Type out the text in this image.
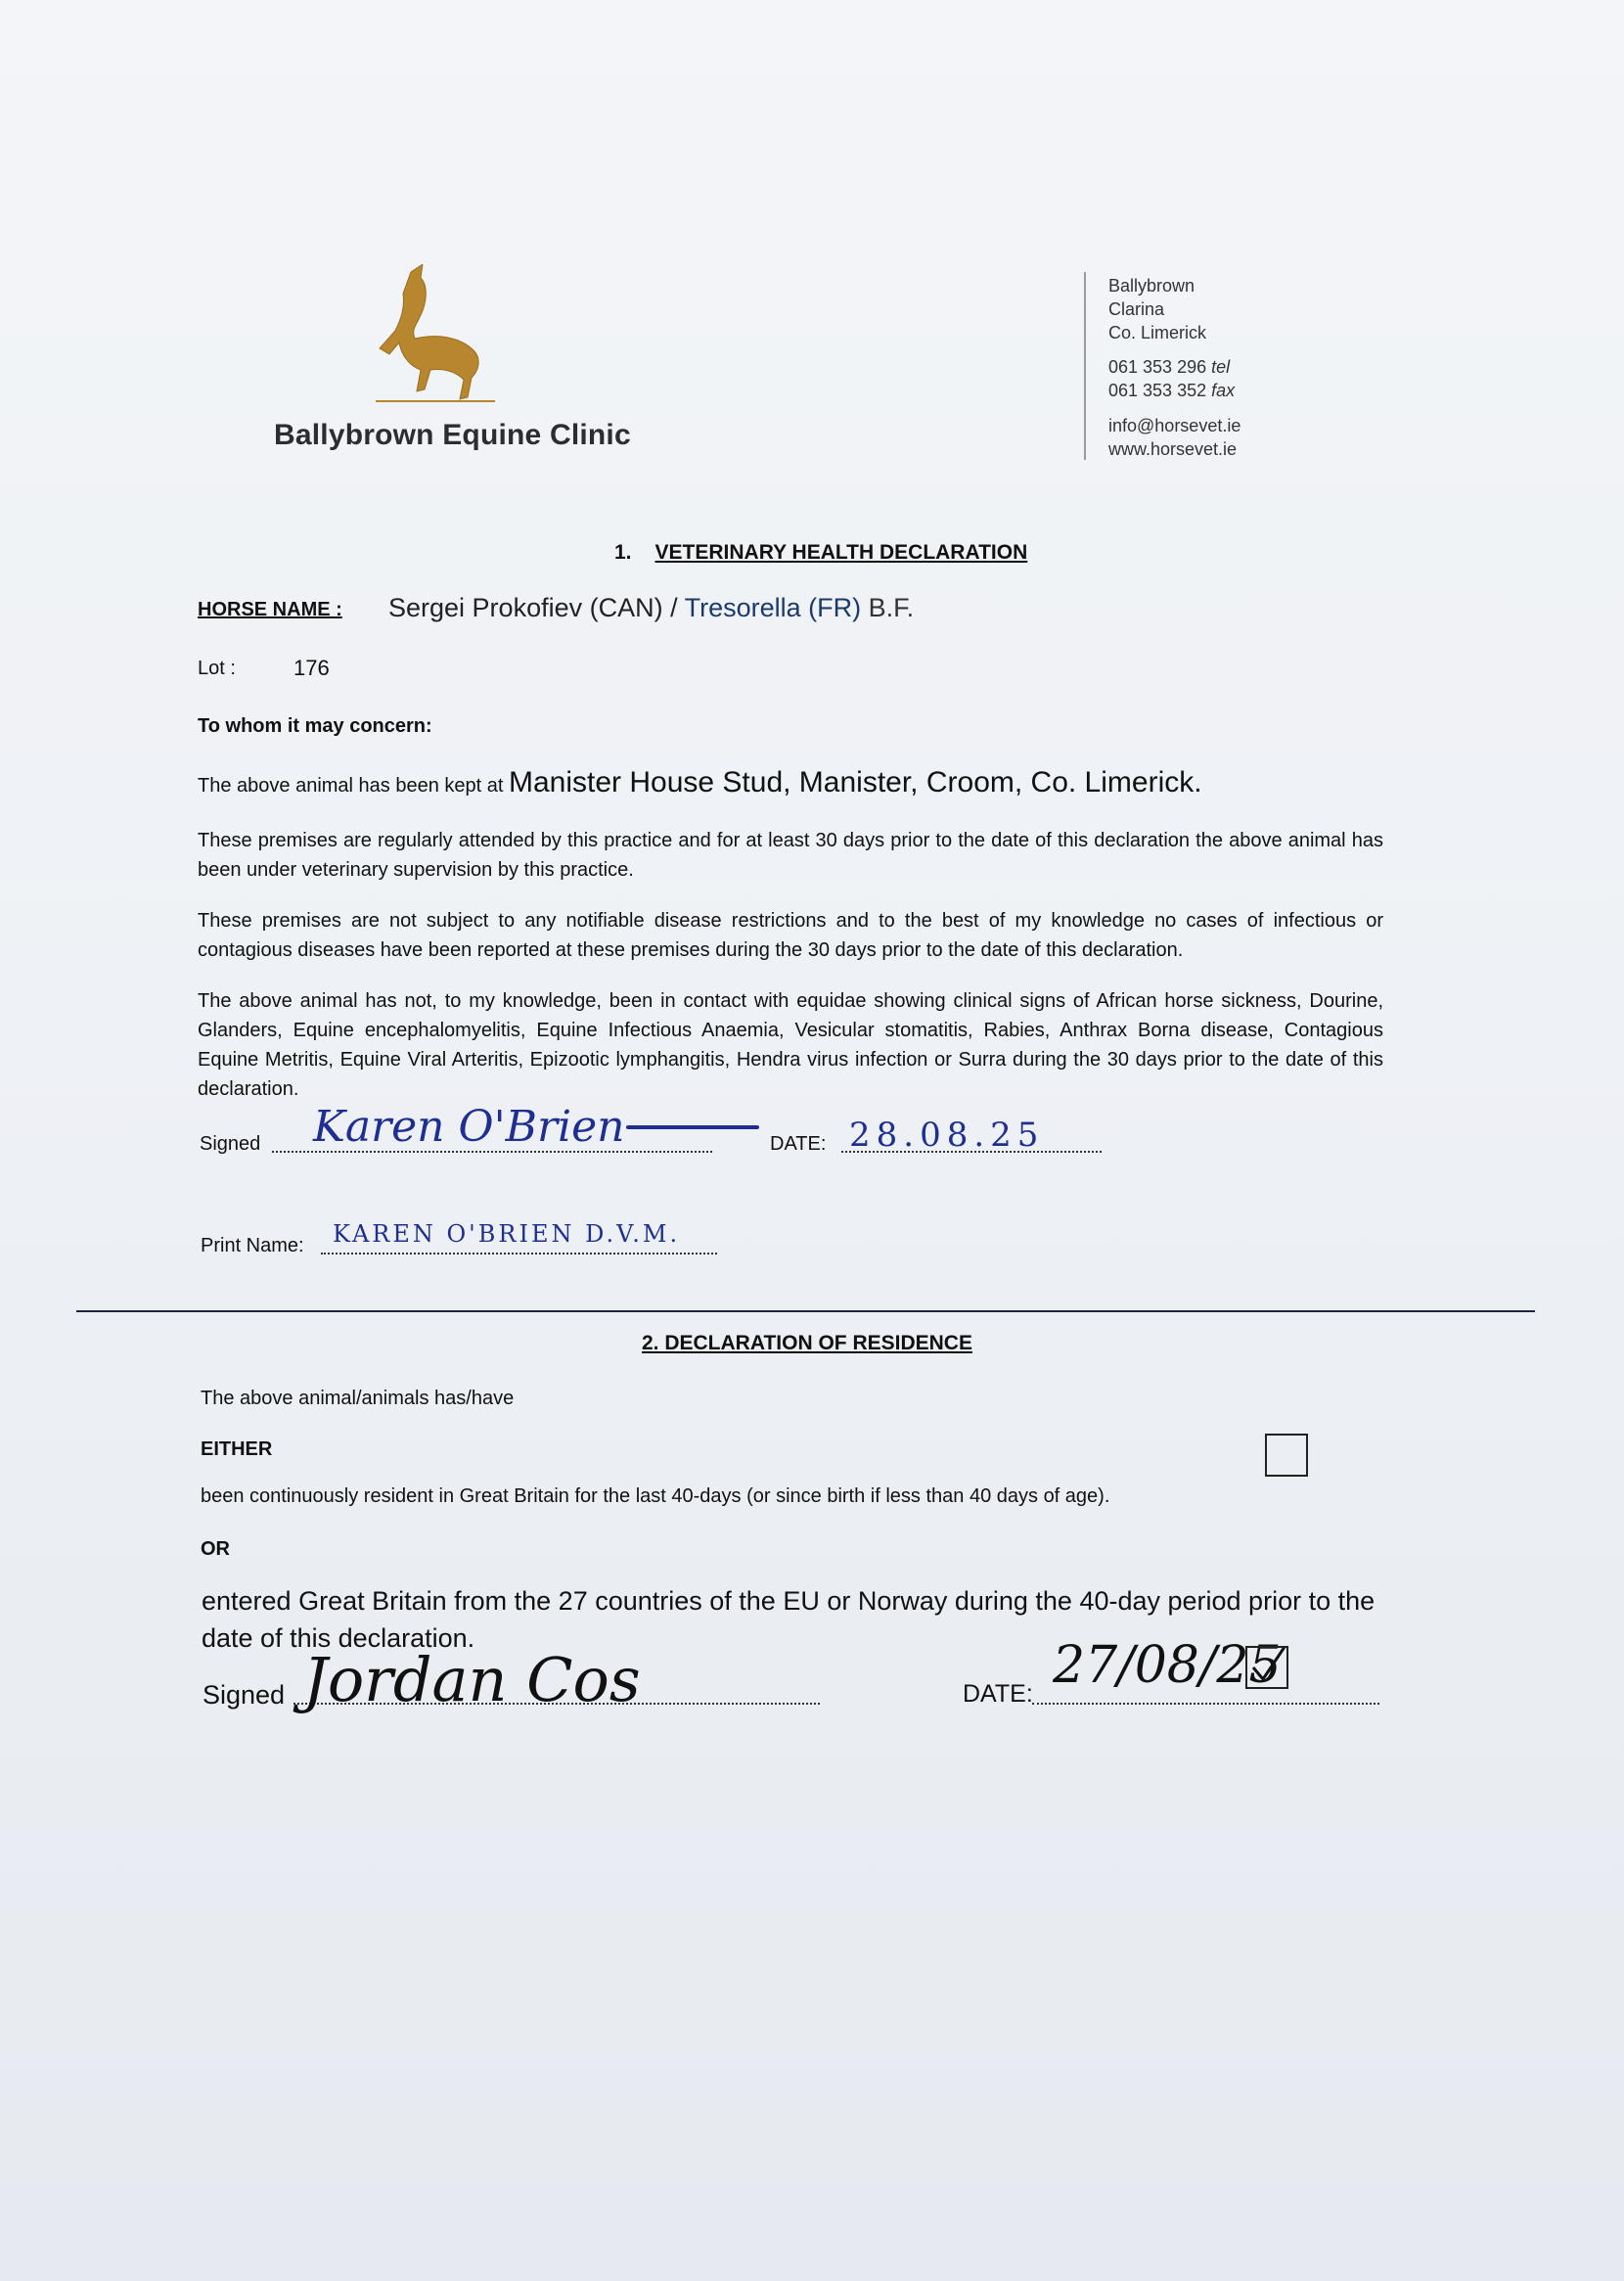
Ballybrown Equine Clinic
Ballybrown
Clarina
Co. Limerick
061 353 296 tel
061 353 352 fax
info@horsevet.ie
www.horsevet.ie
1. VETERINARY HEALTH DECLARATION
HORSE NAME : Sergei Prokofiev (CAN) / Tresorella (FR) B.F.
Lot :	176
To whom it may concern:
The above animal has been kept at Manister House Stud, Manister, Croom, Co. Limerick.
These premises are regularly attended by this practice and for at least 30 days prior to the date of this declaration the above animal has been under veterinary supervision by this practice.
These premises are not subject to any notifiable disease restrictions and to the best of my knowledge no cases of infectious or contagious diseases have been reported at these premises during the 30 days prior to the date of this declaration.
The above animal has not, to my knowledge, been in contact with equidae showing clinical signs of African horse sickness, Dourine, Glanders, Equine encephalomyelitis, Equine Infectious Anaemia, Vesicular stomatitis, Rabies, Anthrax Borna disease, Contagious Equine Metritis, Equine Viral Arteritis, Epizootic lymphangitis, Hendra virus infection or Surra during the 30 days prior to the date of this declaration.
Signed Karen O'Brien	DATE: 28.08.25
Print Name: KAREN O'BRIEN D.V.M.
2. DECLARATION OF RESIDENCE
The above animal/animals has/have
EITHER
been continuously resident in Great Britain for the last 40-days (or since birth if less than 40 days of age).
OR
entered Great Britain from the 27 countries of the EU or Norway during the 40-day period prior to the date of this declaration.
Signed Jordan Cos	DATE: 27/08/25
